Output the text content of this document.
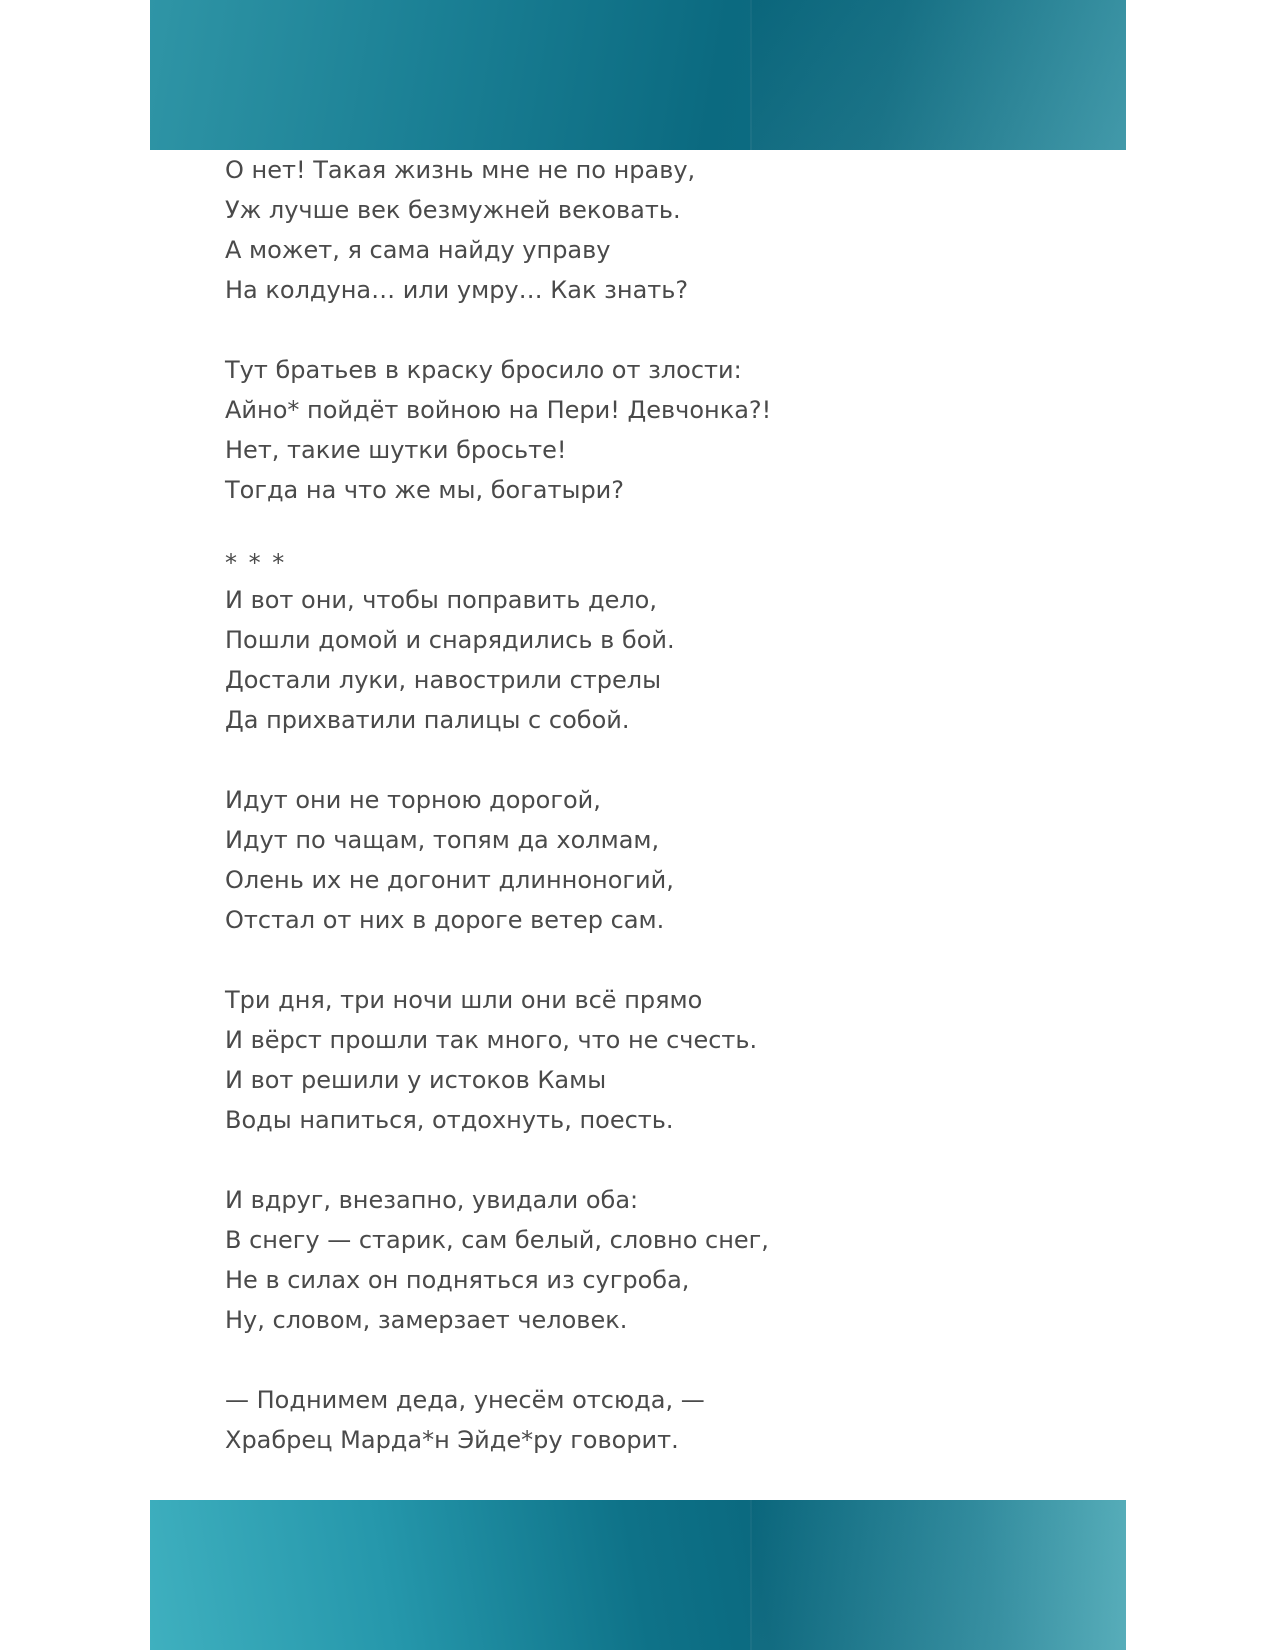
О нет! Такая жизнь мне не по нраву,
Уж лучше век безмужней вековать.
А может, я сама найду управу
На колдуна… или умру… Как знать?
Тут братьев в краску бросило от злости:
Айно* пойдёт войною на Пери! Девчонка?!
Нет, такие шутки бросьте!
Тогда на что же мы, богатыри?
* * *
И вот они, чтобы поправить дело,
Пошли домой и снарядились в бой.
Достали луки, навострили стрелы
Да прихватили палицы с собой.
Идут они не торною дорогой,
Идут по чащам, топям да холмам,
Олень их не догонит длинноногий,
Отстал от них в дороге ветер сам.
Три дня, три ночи шли они всё прямо
И вёрст прошли так много, что не счесть.
И вот решили у истоков Камы
Воды напиться, отдохнуть, поесть.
И вдруг, внезапно, увидали оба:
В снегу — старик, сам белый, словно снег,
Не в силах он подняться из сугроба,
Ну, словом, замерзает человек.
— Поднимем деда, унесём отсюда, —
Храбрец Марда*н Эйде*ру говорит.
